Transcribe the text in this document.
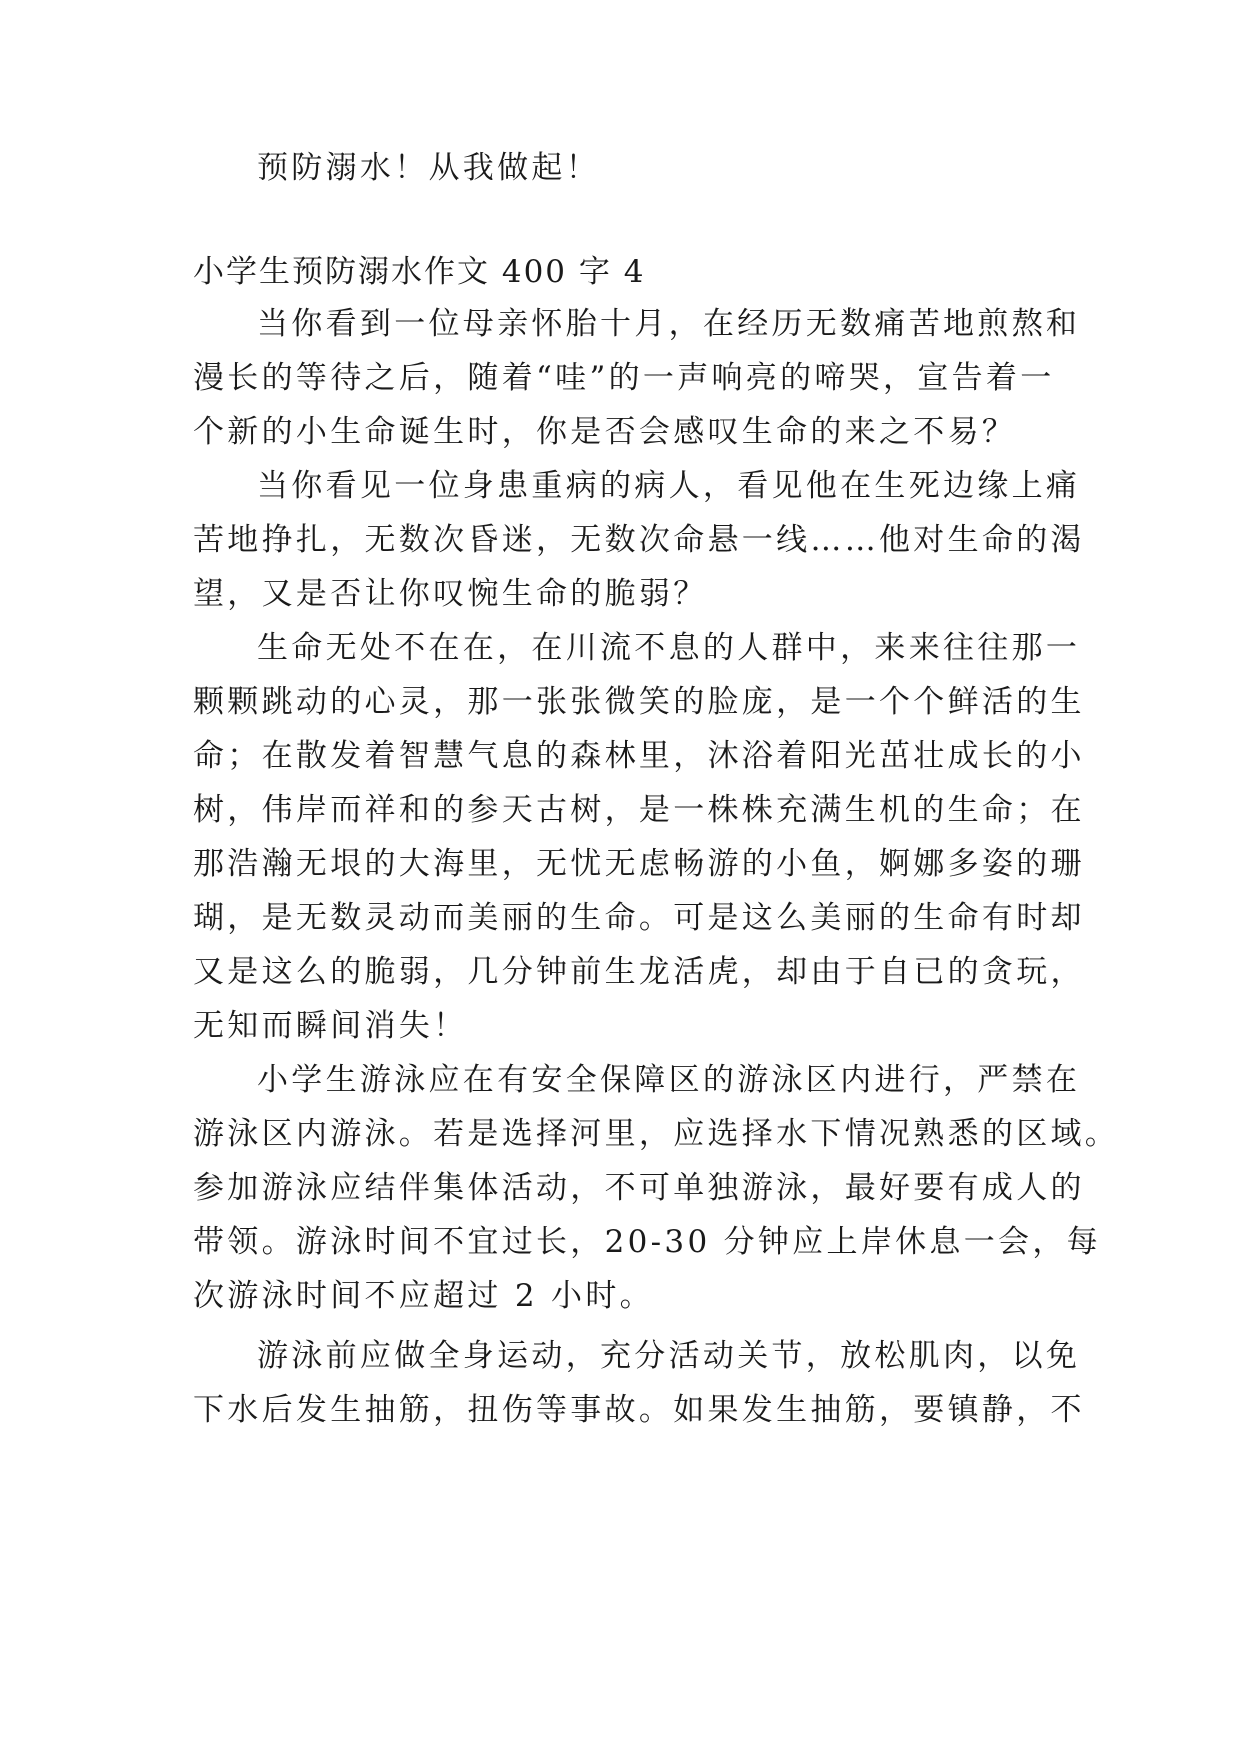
预防溺水！从我做起！
小学生预防溺水作文 400 字 4
当你看到一位母亲怀胎十月，在经历无数痛苦地煎熬和
漫长的等待之后，随着“哇”的一声响亮的啼哭，宣告着一
个新的小生命诞生时，你是否会感叹生命的来之不易？
当你看见一位身患重病的病人，看见他在生死边缘上痛
苦地挣扎，无数次昏迷，无数次命悬一线……他对生命的渴
望，又是否让你叹惋生命的脆弱？
生命无处不在在，在川流不息的人群中，来来往往那一
颗颗跳动的心灵，那一张张微笑的脸庞，是一个个鲜活的生
命；在散发着智慧气息的森林里，沐浴着阳光茁壮成长的小
树，伟岸而祥和的参天古树，是一株株充满生机的生命；在
那浩瀚无垠的大海里，无忧无虑畅游的小鱼，婀娜多姿的珊
瑚，是无数灵动而美丽的生命。可是这么美丽的生命有时却
又是这么的脆弱，几分钟前生龙活虎，却由于自已的贪玩，
无知而瞬间消失！
小学生游泳应在有安全保障区的游泳区内进行，严禁在
游泳区内游泳。若是选择河里，应选择水下情况熟悉的区域。
参加游泳应结伴集体活动，不可单独游泳，最好要有成人的
带领。游泳时间不宜过长，20-30 分钟应上岸休息一会，每
次游泳时间不应超过 2 小时。
游泳前应做全身运动，充分活动关节，放松肌肉，以免
下水后发生抽筋，扭伤等事故。如果发生抽筋，要镇静，不
